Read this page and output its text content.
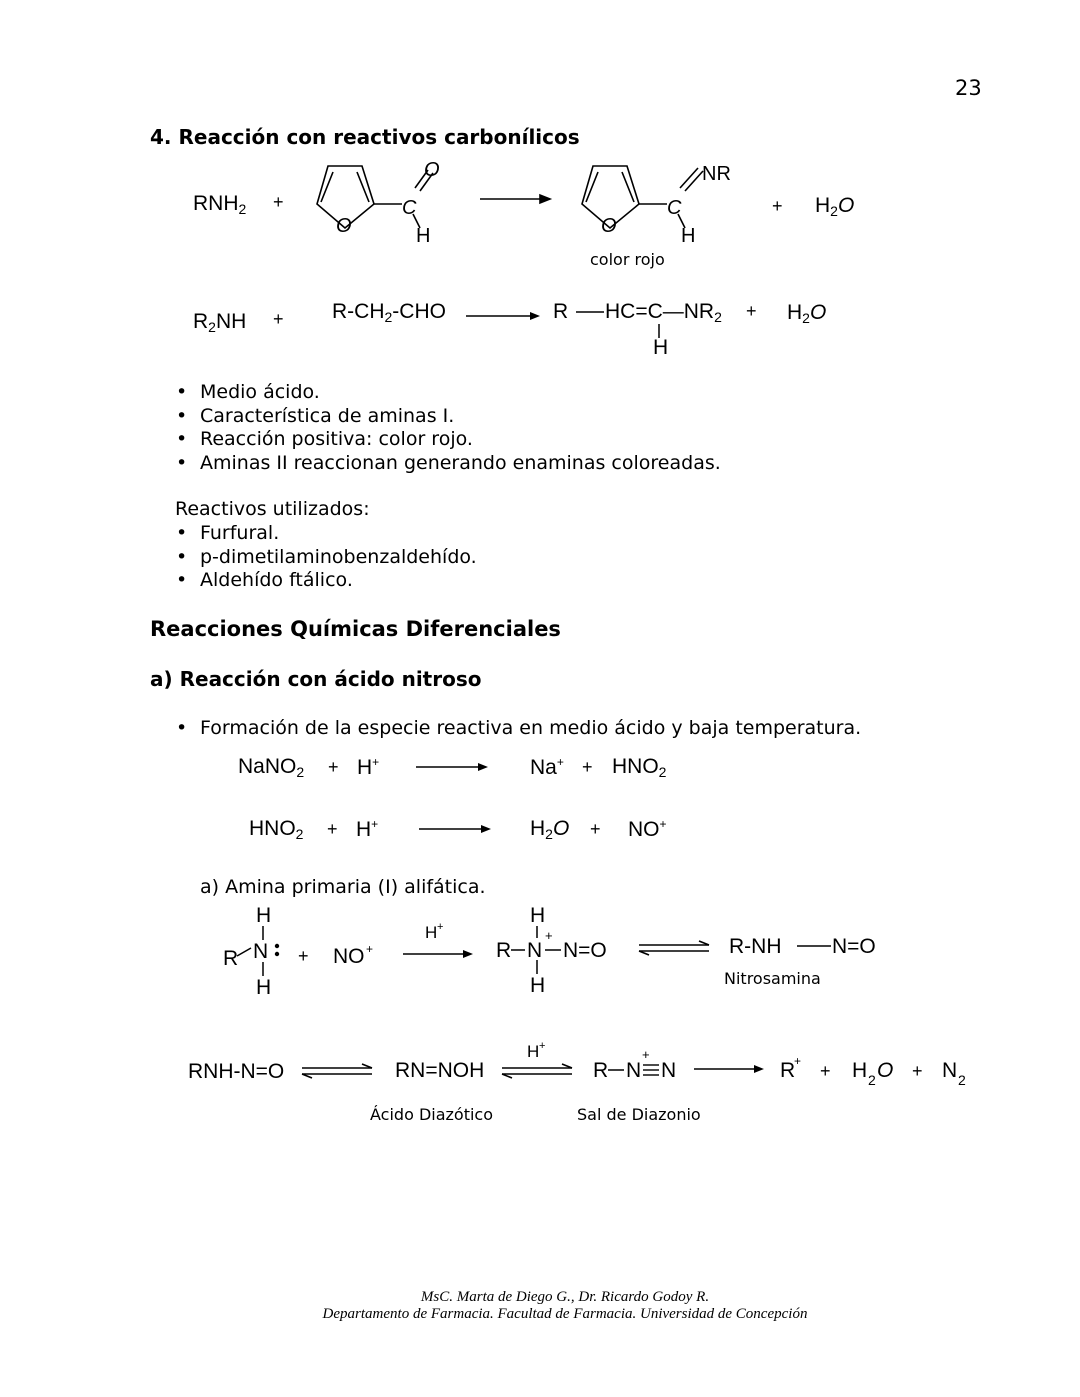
23
4. Reacción con reactivos carbonílicos
$RNH_2$ +
O
C
O
H	O
C
NR
H
color rojo
+ $H_2O$
$R_2NH + R-CH_2-CHO$	R $HC=C—NR_2$
H
+ $H_2O$
• Medio ácido.
• Característica de aminas I.
• Reacción positiva: color rojo.
• Aminas II reaccionan generando enaminas coloreadas.
Reactivos utilizados:
• Furfural.
• p-dimetilaminobenzaldehído.
• Aldehído ftálico.
Reacciones Químicas Diferenciales
a) Reacción con ácido nitroso
• Formación de la especie reactiva en medio ácido y baja temperatura.
NaNO$_2$ + H+	$Na^+ + HNO_2$
$HNO_2 + H^+$	$H_2O + NO^+$
a) Amina primaria (I) alifática.
H
R N
H
+ NO +
H +	H
R N
+
N=O
H
R-NH N=O
Nitrosamina
RNH-N=O	RN=NOH
H +
R N
+
N	R
+ + H 2 O + N 2
Ácido Diazótico	Sal de Diazonio
MsC. Marta de Diego G., Dr. Ricardo Godoy R.
Departamento de Farmacia. Facultad de Farmacia. Universidad de Concepción
